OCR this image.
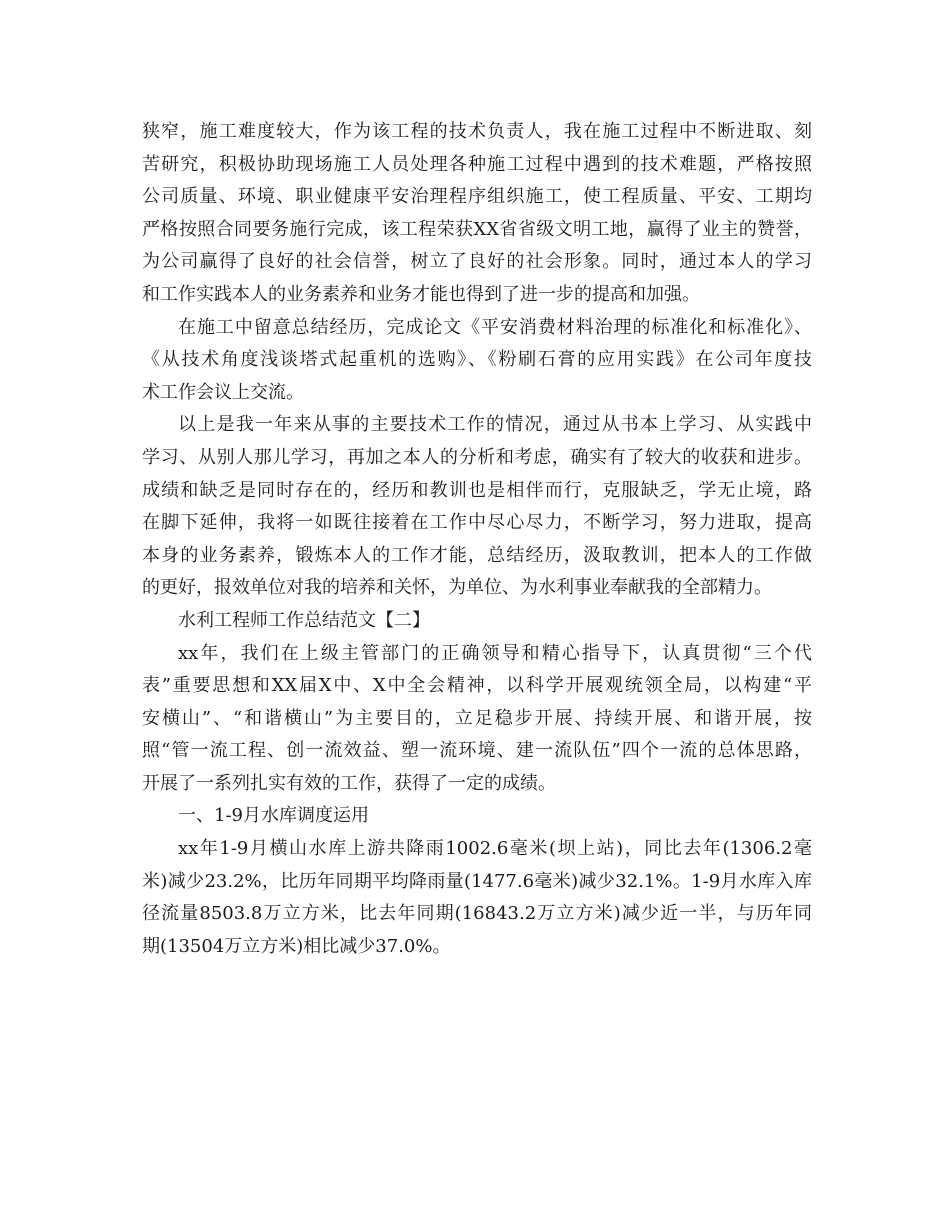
狭窄，施工难度较大，作为该工程的技术负责人，我在施工过程中不断进取、刻
苦研究，积极协助现场施工人员处理各种施工过程中遇到的技术难题，严格按照
公司质量、环境、职业健康平安治理程序组织施工，使工程质量、平安、工期均
严格按照合同要务施行完成，该工程荣获XX省省级文明工地，赢得了业主的赞誉，
为公司赢得了良好的社会信誉，树立了良好的社会形象。同时，通过本人的学习
和工作实践本人的业务素养和业务才能也得到了进一步的提高和加强。
在施工中留意总结经历，完成论文《平安消费材料治理的标准化和标准化》、
《从技术角度浅谈塔式起重机的选购》、《粉刷石膏的应用实践》在公司年度技
术工作会议上交流。
以上是我一年来从事的主要技术工作的情况，通过从书本上学习、从实践中
学习、从别人那儿学习，再加之本人的分析和考虑，确实有了较大的收获和进步。
成绩和缺乏是同时存在的，经历和教训也是相伴而行，克服缺乏，学无止境，路
在脚下延伸，我将一如既往接着在工作中尽心尽力，不断学习，努力进取，提高
本身的业务素养，锻炼本人的工作才能，总结经历，汲取教训，把本人的工作做
的更好，报效单位对我的培养和关怀，为单位、为水利事业奉献我的全部精力。
水利工程师工作总结范文【二】
xx年，我们在上级主管部门的正确领导和精心指导下，认真贯彻“三个代
表”重要思想和XX届X中、X中全会精神，以科学开展观统领全局，以构建“平
安横山”、“和谐横山”为主要目的，立足稳步开展、持续开展、和谐开展，按
照“管一流工程、创一流效益、塑一流环境、建一流队伍”四个一流的总体思路，
开展了一系列扎实有效的工作，获得了一定的成绩。
一、1-9月水库调度运用
xx年1-9月横山水库上游共降雨1002.6毫米(坝上站)，同比去年(1306.2毫
米)减少23.2%，比历年同期平均降雨量(1477.6毫米)减少32.1%。1-9月水库入库
径流量8503.8万立方米，比去年同期(16843.2万立方米)减少近一半，与历年同
期(13504万立方米)相比减少37.0%。
